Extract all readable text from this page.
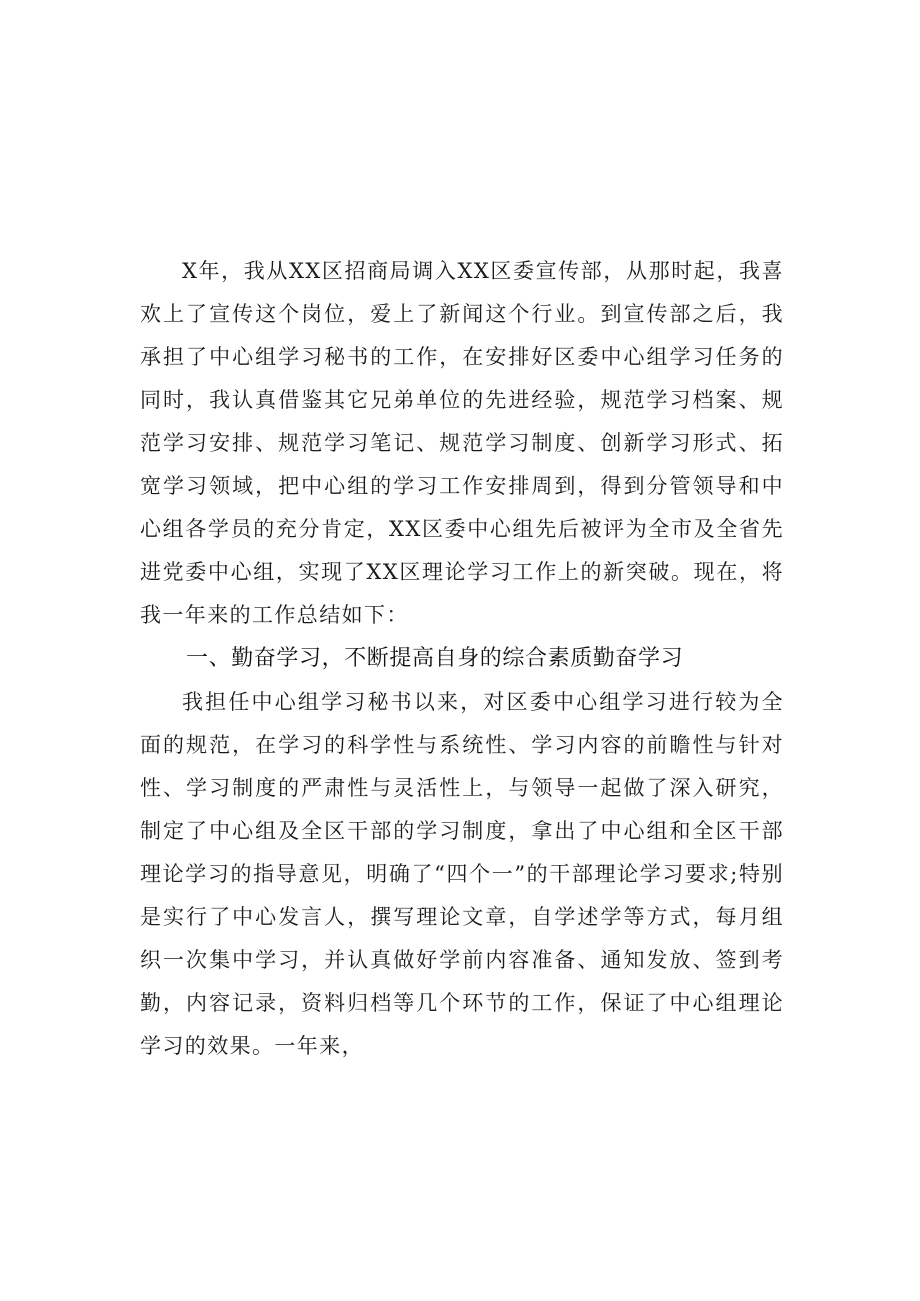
X年，我从XX区招商局调入XX区委宣传部，从那时起，我喜欢上了宣传这个岗位，爱上了新闻这个行业。到宣传部之后，我承担了中心组学习秘书的工作，在安排好区委中心组学习任务的同时，我认真借鉴其它兄弟单位的先进经验，规范学习档案、规范学习安排、规范学习笔记、规范学习制度、创新学习形式、拓宽学习领域，把中心组的学习工作安排周到，得到分管领导和中心组各学员的充分肯定，XX区委中心组先后被评为全市及全省先进党委中心组，实现了XX区理论学习工作上的新突破。现在，将我一年来的工作总结如下：

一、勤奋学习，不断提高自身的综合素质勤奋学习

我担任中心组学习秘书以来，对区委中心组学习进行较为全面的规范，在学习的科学性与系统性、学习内容的前瞻性与针对性、学习制度的严肃性与灵活性上，与领导一起做了深入研究，制定了中心组及全区干部的学习制度，拿出了中心组和全区干部理论学习的指导意见，明确了“四个一”的干部理论学习要求;特别是实行了中心发言人，撰写理论文章，自学述学等方式，每月组织一次集中学习，并认真做好学前内容准备、通知发放、签到考勤，内容记录，资料归档等几个环节的工作，保证了中心组理论学习的效果。一年来，
